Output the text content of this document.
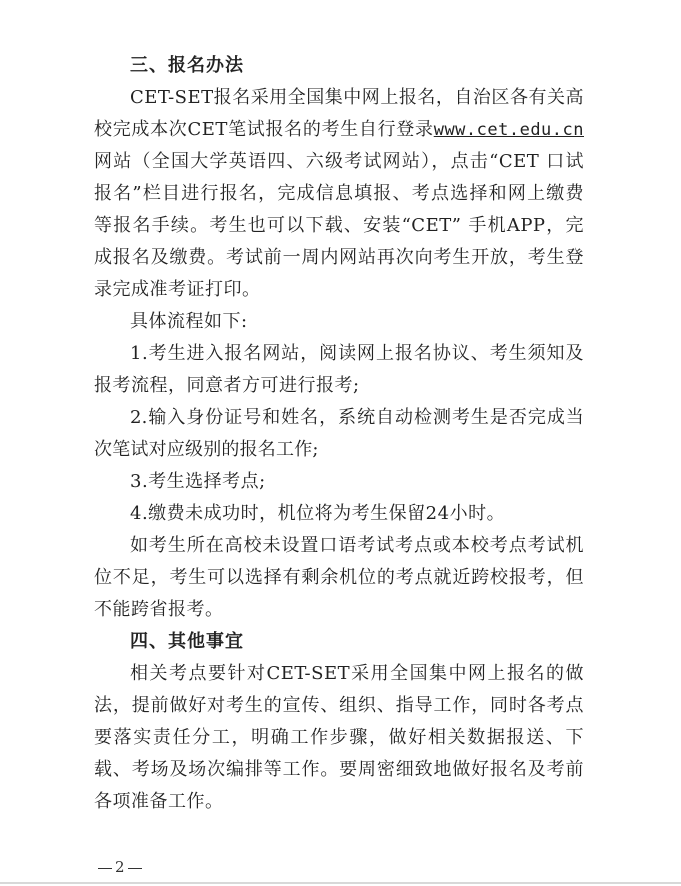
三、报名办法

CET-SET报名采用全国集中网上报名，自治区各有关高校完成本次CET笔试报名的考生自行登录www.cet.edu.cn网站（全国大学英语四、六级考试网站），点击“CET 口试报名”栏目进行报名，完成信息填报、考点选择和网上缴费等报名手续。考生也可以下载、安装“CET” 手机APP，完成报名及缴费。考试前一周内网站再次向考生开放，考生登录完成准考证打印。

具体流程如下:

1.考生进入报名网站，阅读网上报名协议、考生须知及报考流程，同意者方可进行报考;

2.输入身份证号和姓名，系统自动检测考生是否完成当次笔试对应级别的报名工作;

3.考生选择考点;

4.缴费未成功时，机位将为考生保留24小时。

如考生所在高校未设置口语考试考点或本校考点考试机位不足，考生可以选择有剩余机位的考点就近跨校报考，但不能跨省报考。

四、其他事宜

相关考点要针对CET-SET采用全国集中网上报名的做法，提前做好对考生的宣传、组织、指导工作，同时各考点要落实责任分工，明确工作步骤，做好相关数据报送、下载、考场及场次编排等工作。要周密细致地做好报名及考前各项准备工作。

2
